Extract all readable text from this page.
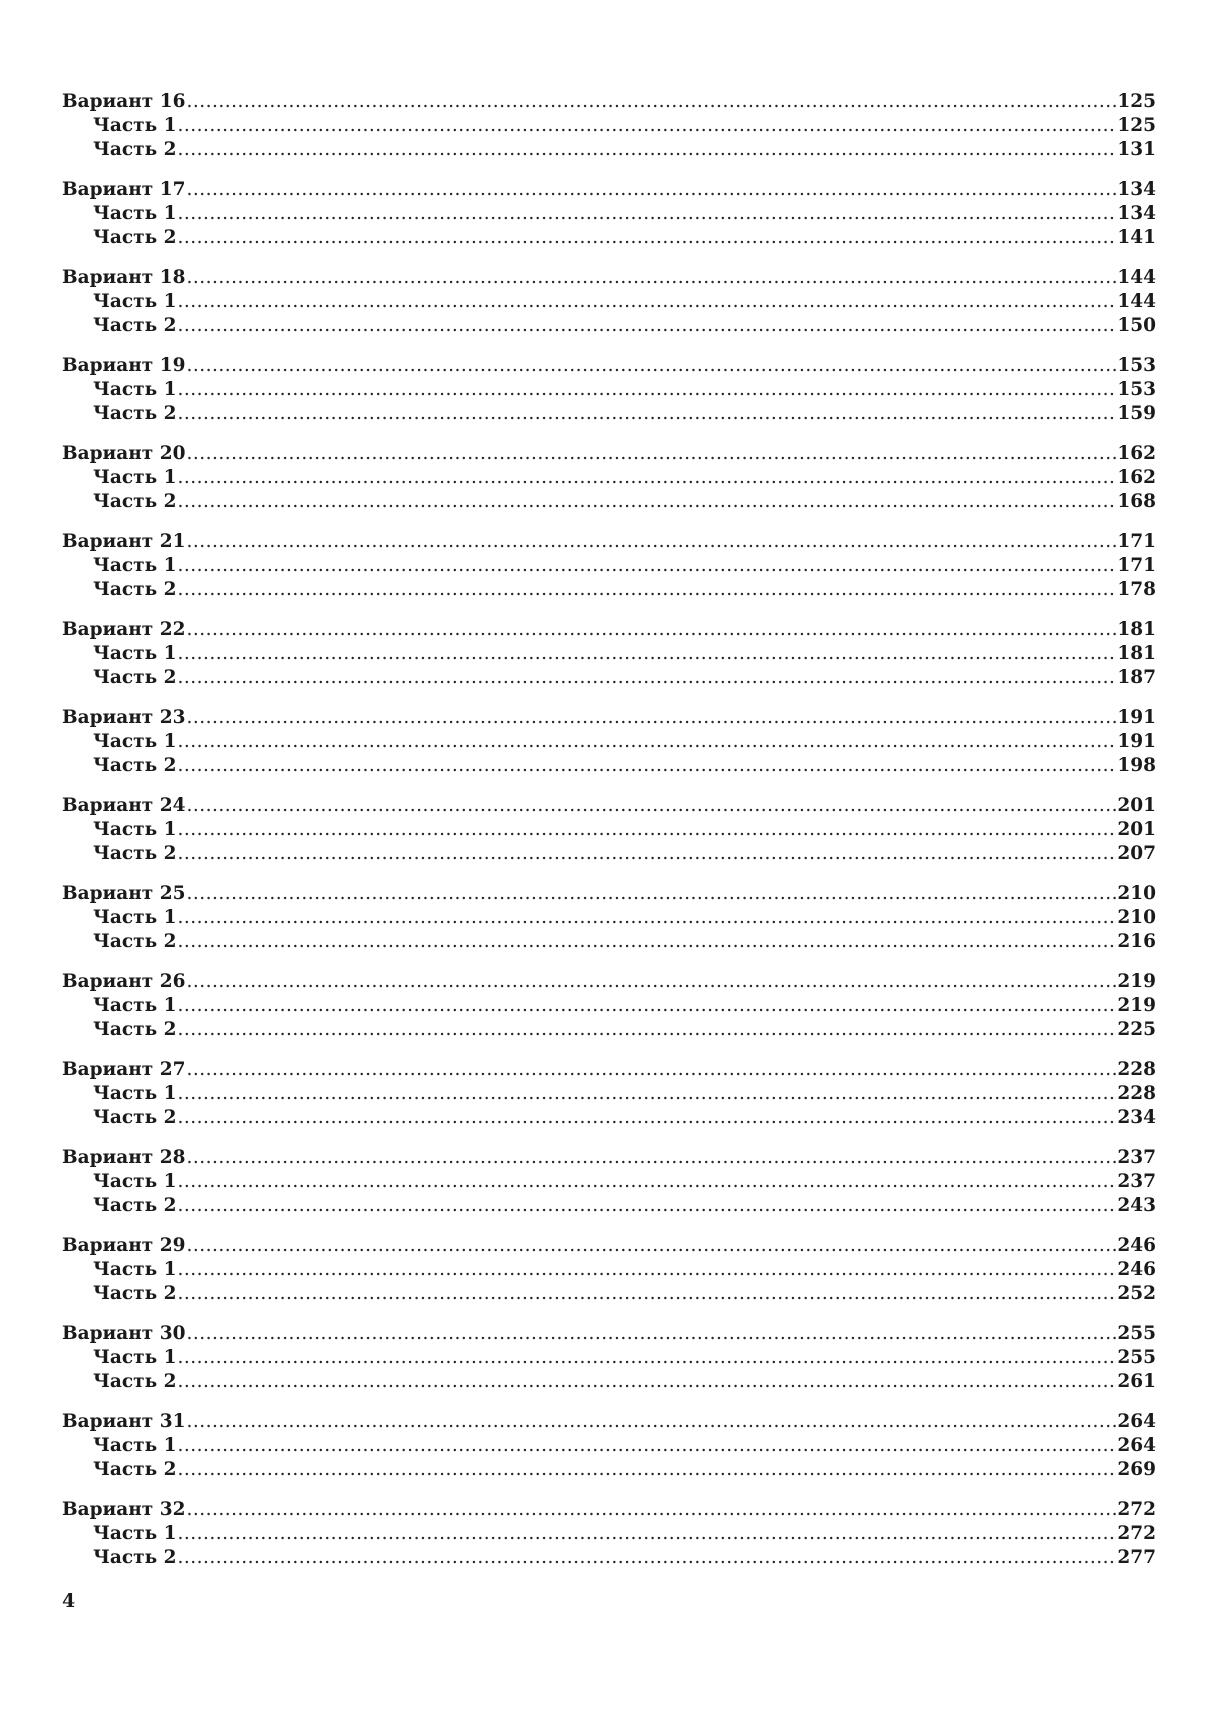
Вариант 16 .....	125
Часть 1 .....	125
Часть 2 .....	131
Вариант 17 .....	134
Часть 1 .....	134
Часть 2 .....	141
Вариант 18 .....	144
Часть 1 .....	144
Часть 2 .....	150
Вариант 19 .....	153
Часть 1 .....	153
Часть 2 .....	159
Вариант 20 .....	162
Часть 1 .....	162
Часть 2 .....	168
Вариант 21 .....	171
Часть 1 .....	171
Часть 2 .....	178
Вариант 22 .....	181
Часть 1 .....	181
Часть 2 .....	187
Вариант 23 .....	191
Часть 1 .....	191
Часть 2 .....	198
Вариант 24 .....	201
Часть 1 .....	201
Часть 2 .....	207
Вариант 25 .....	210
Часть 1 .....	210
Часть 2 .....	216
Вариант 26 .....	219
Часть 1 .....	219
Часть 2 .....	225
Вариант 27 .....	228
Часть 1 .....	228
Часть 2 .....	234
Вариант 28 .....	237
Часть 1 .....	237
Часть 2 .....	243
Вариант 29 .....	246
Часть 1 .....	246
Часть 2 .....	252
Вариант 30 .....	255
Часть 1 .....	255
Часть 2 .....	261
Вариант 31 .....	264
Часть 1 .....	264
Часть 2 .....	269
Вариант 32 .....	272
Часть 1 .....	272
Часть 2 .....	277
4
